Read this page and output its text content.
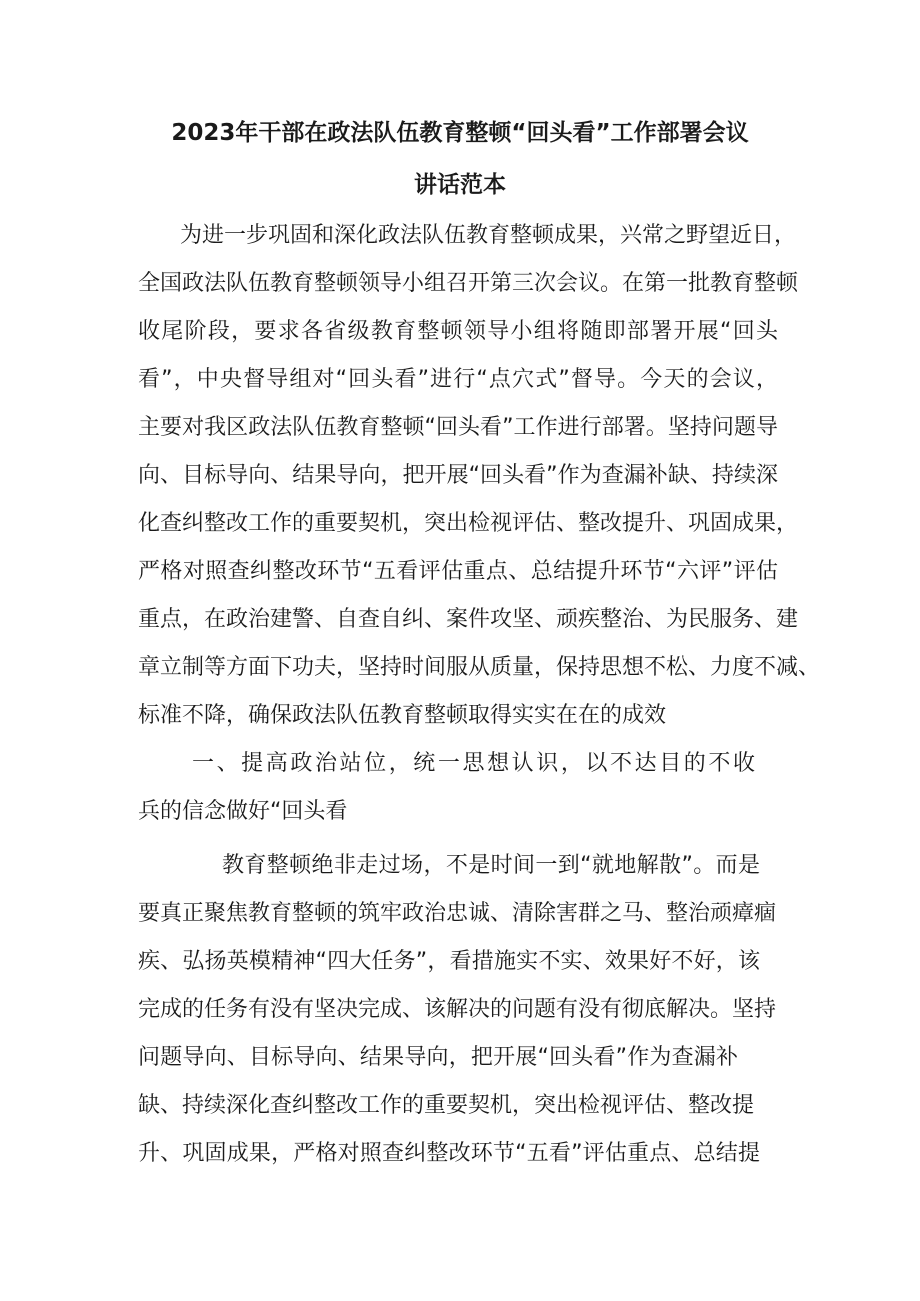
2023年干部在政法队伍教育整顿“回头看”工作部署会议
讲话范本
为进一步巩固和深化政法队伍教育整顿成果，兴常之野望近日，
全国政法队伍教育整顿领导小组召开第三次会议。在第一批教育整顿
收尾阶段，要求各省级教育整顿领导小组将随即部署开展“回头
看”，中央督导组对“回头看”进行“点穴式”督导。今天的会议，
主要对我区政法队伍教育整顿“回头看”工作进行部署。坚持问题导
向、目标导向、结果导向，把开展“回头看”作为查漏补缺、持续深
化查纠整改工作的重要契机，突出检视评估、整改提升、巩固成果，
严格对照查纠整改环节“五看评估重点、总结提升环节“六评”评估
重点，在政治建警、自查自纠、案件攻坚、顽疾整治、为民服务、建
章立制等方面下功夫，坚持时间服从质量，保持思想不松、力度不减、
标准不降，确保政法队伍教育整顿取得实实在在的成效
一、提高政治站位，统一思想认识，以不达目的不收
兵的信念做好“回头看
教育整顿绝非走过场，不是时间一到“就地解散”。而是
要真正聚焦教育整顿的筑牢政治忠诚、清除害群之马、整治顽瘴痼
疾、弘扬英模精神“四大任务”，看措施实不实、效果好不好，该
完成的任务有没有坚决完成、该解决的问题有没有彻底解决。坚持
问题导向、目标导向、结果导向，把开展“回头看”作为查漏补
缺、持续深化查纠整改工作的重要契机，突出检视评估、整改提
升、巩固成果，严格对照查纠整改环节“五看”评估重点、总结提
